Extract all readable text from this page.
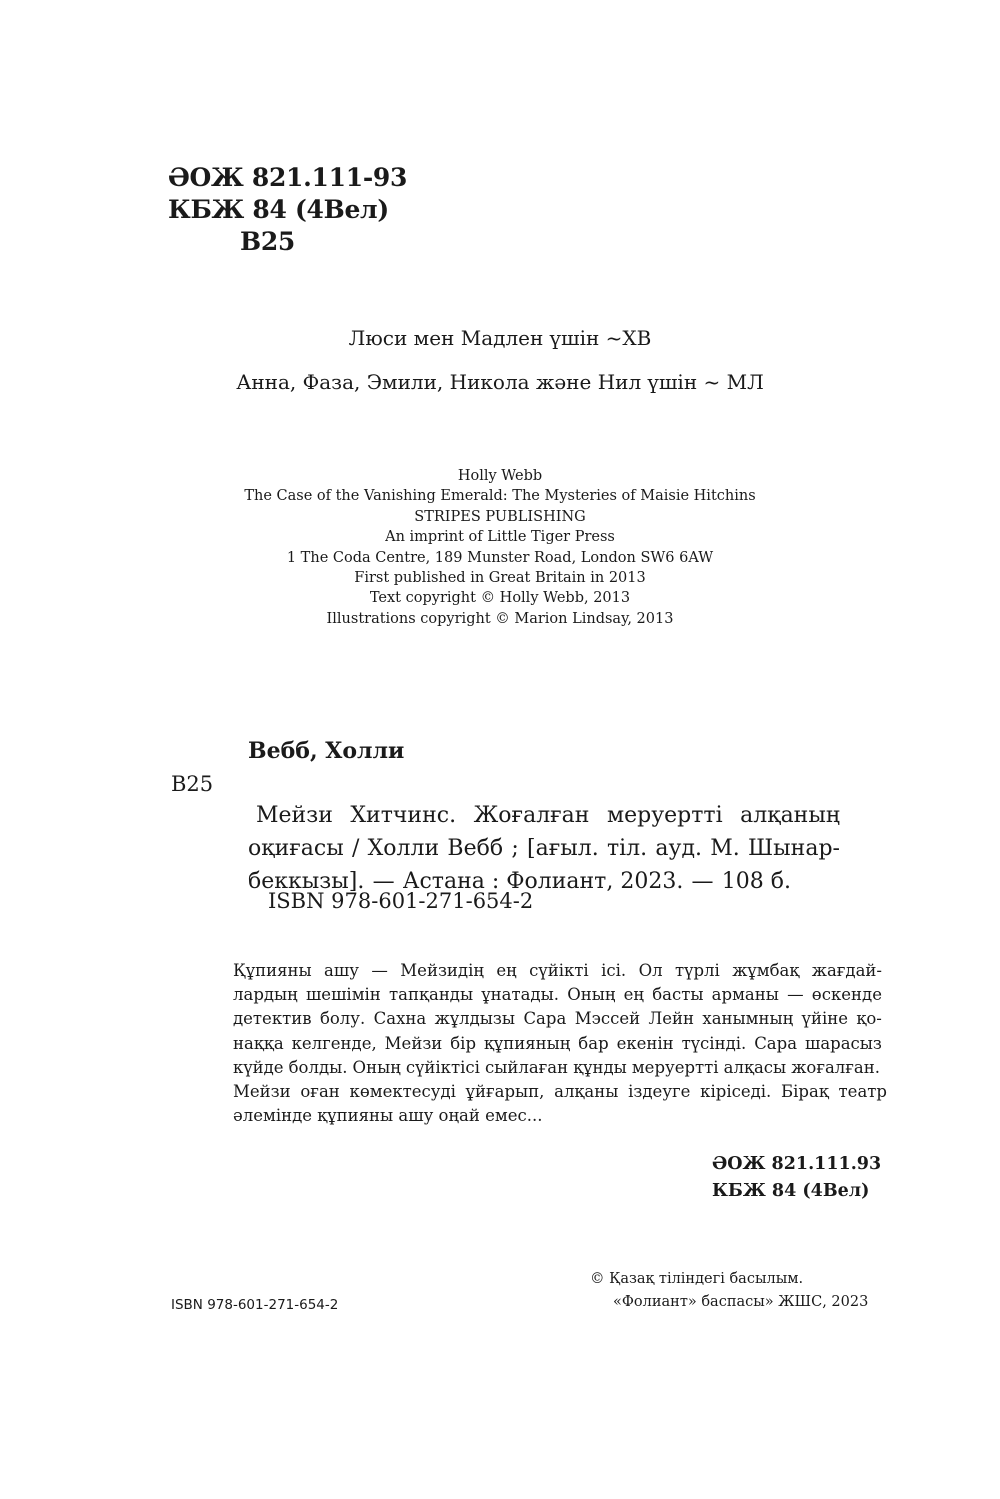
ӘОЖ 821.111-93
КБЖ 84 (4Вел)
В25
Люси мен Мадлен үшін ~ХВ
Анна, Фаза, Эмили, Никола және Нил үшін ~ МЛ
Holly Webb
The Case of the Vanishing Emerald: The Mysteries of Maisie Hitchins
STRIPES PUBLISHING
An imprint of Little Tiger Press
1 The Coda Centre, 189 Munster Road, London SW6 6AW
First published in Great Britain in 2013
Text copyright © Holly Webb, 2013
Illustrations copyright © Marion Lindsay, 2013
Вебб, Холли
В25
Мейзи Хитчинс. Жоғалған меруертті алқаның
оқиғасы / Холли Вебб ; [ағыл. тіл. ауд. М. Шынар-
беккызы]. — Астана : Фолиант, 2023. — 108 б.
ISBN 978-601-271-654-2
Құпияны ашу — Мейзидің ең сүйікті ісі. Ол түрлі жұмбақ жағдай-
лардың шешімін тапқанды ұнатады. Оның ең басты арманы — өскенде
детектив болу. Сахна жұлдызы Сара Мэссей Лейн ханымның үйіне қо-
наққа келгенде, Мейзи бір құпияның бар екенін түсінді. Сара шарасыз
күйде болды. Оның сүйіктісі сыйлаған құнды меруертті алқасы жоғалған.
Мейзи оған көмектесуді ұйғарып, алқаны іздеуге кіріседі. Бірақ театр
әлемінде құпияны ашу оңай емес...
ӘОЖ 821.111.93
КБЖ 84 (4Вел)
ISBN 978-601-271-654-2
© Қазақ тіліндегі басылым.
«Фолиант» баспасы» ЖШС, 2023
